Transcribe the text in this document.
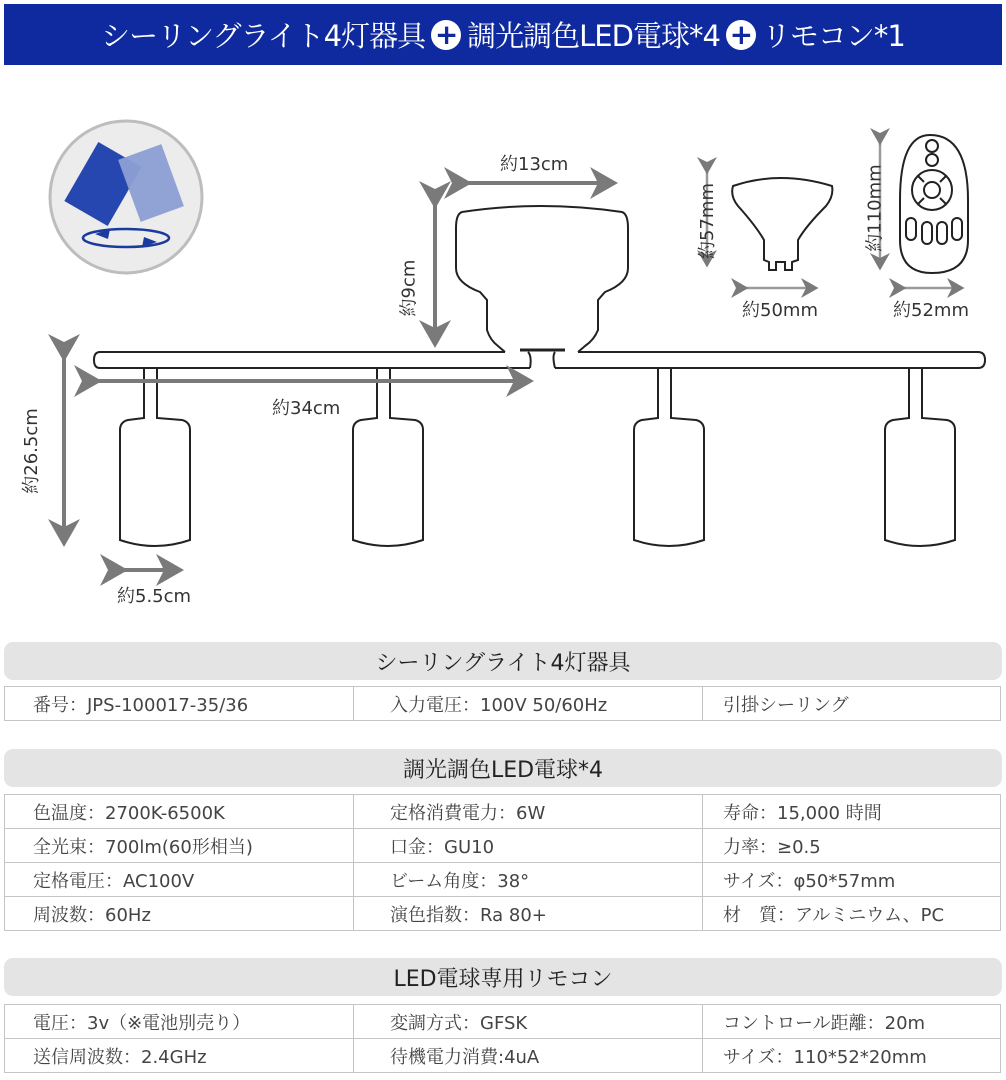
シーリングライト4灯器具 + 調光調色LED電球*4 + リモコン*1
約13cm
約9cm
約34cm
約26.5cm
約5.5cm
約57mm
約50mm
約110mm
約52mm
シーリングライト4灯器具
番号：JPS-100017-35/36	入力電圧：100V 50/60Hz	引掛シーリング
調光調色LED電球*4
色温度：2700K-6500K	定格消費電力：6W	寿命：15,000 時間
全光束：700lm(60形相当)	口金：GU10	力率：≥0.5
定格電圧：AC100V	ビーム角度：38°	サイズ：φ50*57mm
周波数：60Hz	演色指数：Ra 80+	材　質：アルミニウム、PC
LED電球専用リモコン
電圧：3v（※電池別売り）	変調方式：GFSK	コントロール距離：20m
送信周波数：2.4GHz	待機電力消費:4uA	サイズ：110*52*20mm
